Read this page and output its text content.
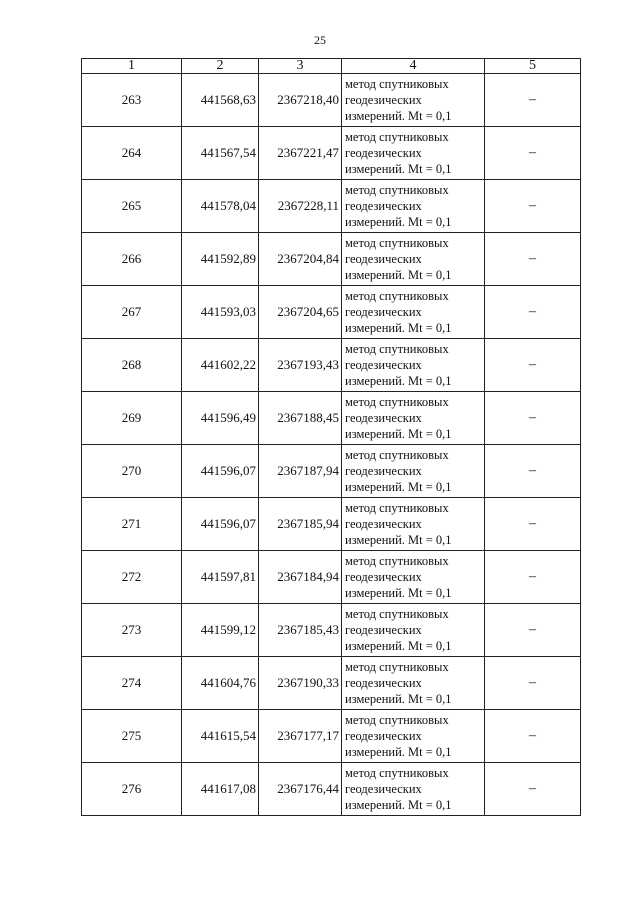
25
1	2	3	4	5
263	441568,63	2367218,40	метод спутниковых
геодезических
измерений. Mt = 0,1	–
264	441567,54	2367221,47	метод спутниковых
геодезических
измерений. Mt = 0,1	–
265	441578,04	2367228,11	метод спутниковых
геодезических
измерений. Mt = 0,1	–
266	441592,89	2367204,84	метод спутниковых
геодезических
измерений. Mt = 0,1	–
267	441593,03	2367204,65	метод спутниковых
геодезических
измерений. Mt = 0,1	–
268	441602,22	2367193,43	метод спутниковых
геодезических
измерений. Mt = 0,1	–
269	441596,49	2367188,45	метод спутниковых
геодезических
измерений. Mt = 0,1	–
270	441596,07	2367187,94	метод спутниковых
геодезических
измерений. Mt = 0,1	–
271	441596,07	2367185,94	метод спутниковых
геодезических
измерений. Mt = 0,1	–
272	441597,81	2367184,94	метод спутниковых
геодезических
измерений. Mt = 0,1	–
273	441599,12	2367185,43	метод спутниковых
геодезических
измерений. Mt = 0,1	–
274	441604,76	2367190,33	метод спутниковых
геодезических
измерений. Mt = 0,1	–
275	441615,54	2367177,17	метод спутниковых
геодезических
измерений. Mt = 0,1	–
276	441617,08	2367176,44	метод спутниковых
геодезических
измерений. Mt = 0,1	–
